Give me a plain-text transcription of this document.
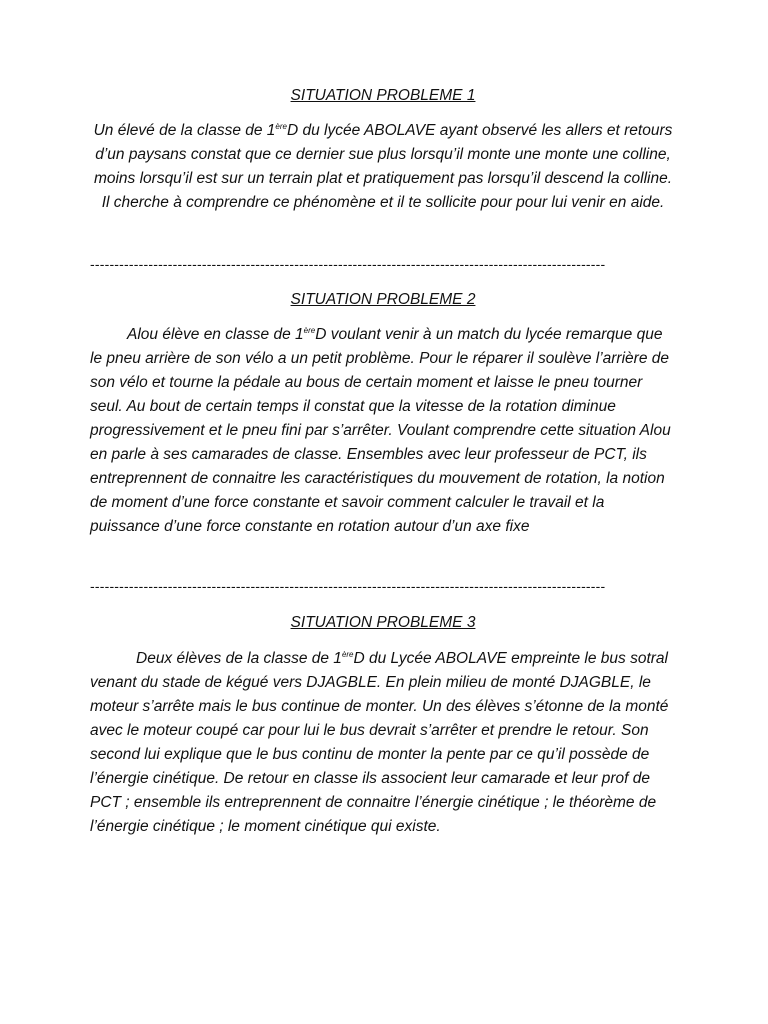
SITUATION PROBLEME 1

Un élevé de la classe de 1èreD du lycée ABOLAVE ayant observé les allers et retours d’un paysans constat que ce dernier sue plus lorsqu’il monte une monte une colline, moins lorsqu’il est sur un terrain plat et pratiquement pas lorsqu’il descend la colline. Il cherche à comprendre ce phénomène et il te sollicite pour pour lui venir en aide.

----------------------------------------------------------------------------------------------------------
SITUATION PROBLEME 2

Alou élève en classe de 1èreD voulant venir à un match du lycée remarque que le pneu arrière de son vélo a un petit problème. Pour le réparer il soulève l’arrière de son vélo et tourne la pédale au bous de certain moment et laisse le pneu tourner seul. Au bout de certain temps il constat que la vitesse de la rotation diminue progressivement et le pneu fini par s’arrêter. Voulant comprendre cette situation Alou en parle à ses camarades de classe. Ensembles avec leur professeur de PCT, ils entreprennent de connaitre les caractéristiques du mouvement de rotation, la notion de moment d’une force constante et savoir comment calculer le travail et la puissance d’une force constante en rotation autour d’un axe fixe

----------------------------------------------------------------------------------------------------------
SITUATION PROBLEME 3

Deux élèves de la classe de 1èreD du Lycée ABOLAVE empreinte le bus sotral venant du stade de kégué vers DJAGBLE. En plein milieu de monté DJAGBLE, le moteur s’arrête mais le bus continue de monter. Un des élèves s’étonne de la monté avec le moteur coupé car pour lui le bus devrait s’arrêter et prendre le retour. Son second lui explique que le bus continu de monter la pente par ce qu’il possède de l’énergie cinétique. De retour en classe ils associent leur camarade et leur prof de PCT ; ensemble ils entreprennent de connaitre l’énergie cinétique ; le théorème de l’énergie cinétique ; le moment cinétique qui existe.
